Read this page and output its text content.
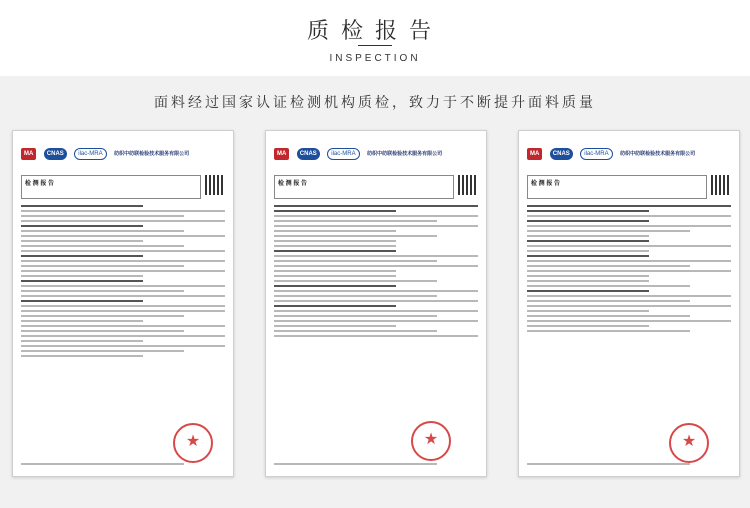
质检报告
INSPECTION
面料经过国家认证检测机构质检，致力于不断提升面料质量
MA CNAS ilac-MRA 纺织中纺联检验技术服务有限公司
检 测 报 告
★
MA CNAS ilac-MRA 纺织中纺联检验技术服务有限公司
检 测 报 告
★
MA CNAS ilac-MRA 纺织中纺联检验技术服务有限公司
检 测 报 告
★
